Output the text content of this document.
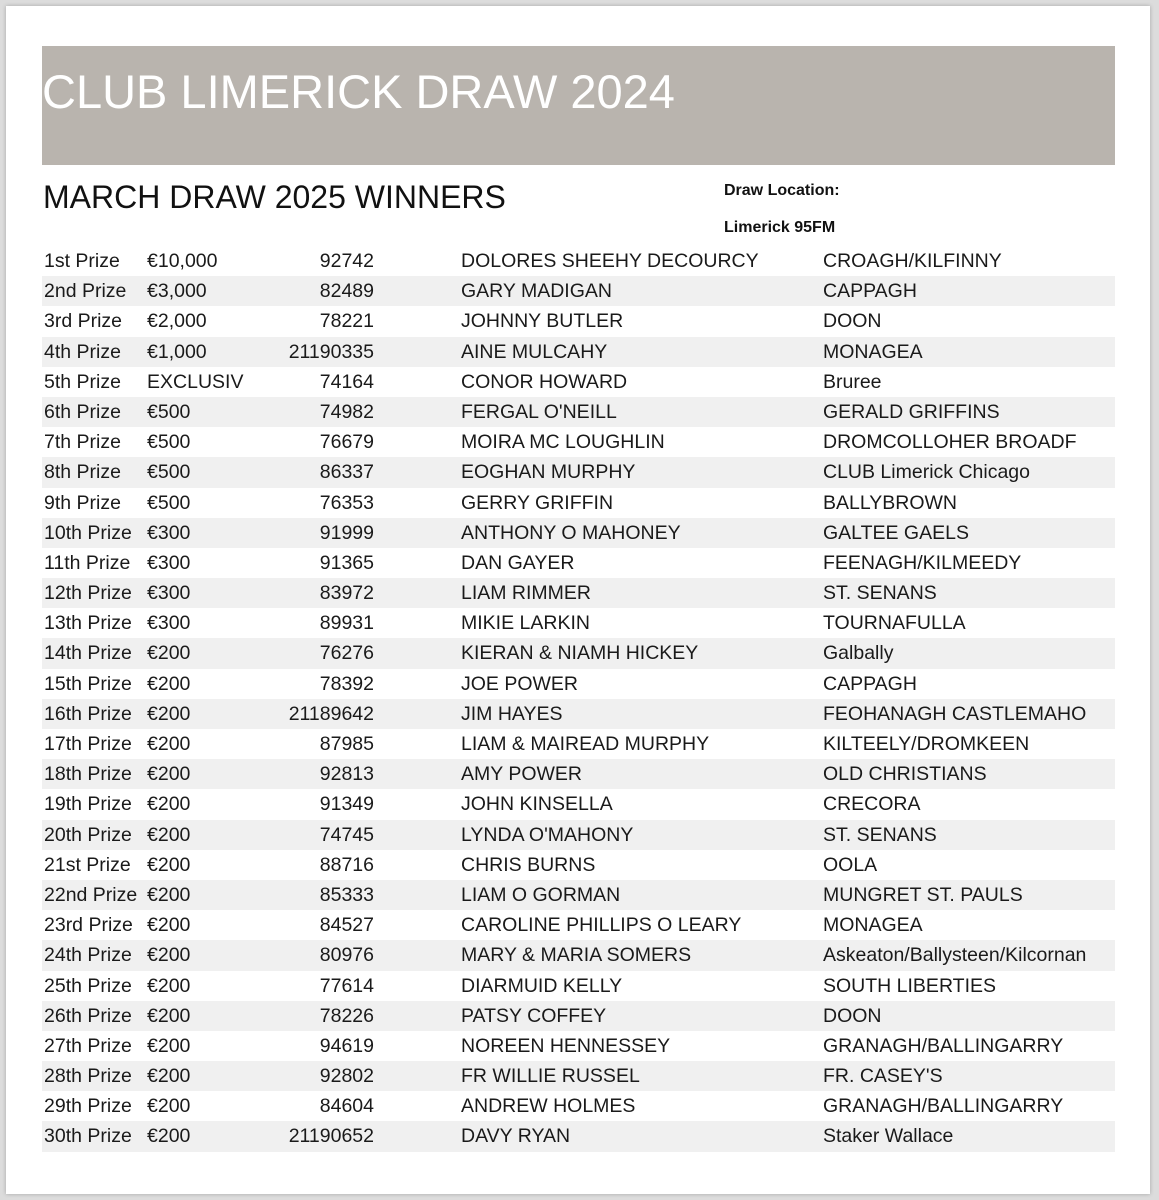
CLUB LIMERICK DRAW 2024
MARCH DRAW 2025 WINNERS	Draw Location:
Limerick 95FM
1st Prize €10,000	92742	DOLORES SHEEHY DECOURCY	CROAGH/KILFINNY
2nd Prize €3,000	82489	GARY MADIGAN	CAPPAGH
3rd Prize €2,000	78221	JOHNNY BUTLER	DOON
4th Prize €1,000	21190335	AINE MULCAHY	MONAGEA
5th Prize EXCLUSIV	74164	CONOR HOWARD	Bruree
6th Prize €500	74982	FERGAL O'NEILL	GERALD GRIFFINS
7th Prize €500	76679	MOIRA MC LOUGHLIN	DROMCOLLOHER BROADF
8th Prize €500	86337	EOGHAN MURPHY	CLUB Limerick Chicago
9th Prize €500	76353	GERRY GRIFFIN	BALLYBROWN
10th Prize €300	91999	ANTHONY O MAHONEY	GALTEE GAELS
11th Prize €300	91365	DAN GAYER	FEENAGH/KILMEEDY
12th Prize €300	83972	LIAM RIMMER	ST. SENANS
13th Prize €300	89931	MIKIE LARKIN	TOURNAFULLA
14th Prize €200	76276	KIERAN & NIAMH HICKEY	Galbally
15th Prize €200	78392	JOE POWER	CAPPAGH
16th Prize €200	21189642	JIM HAYES	FEOHANAGH CASTLEMAHO
17th Prize €200	87985	LIAM & MAIREAD MURPHY	KILTEELY/DROMKEEN
18th Prize €200	92813	AMY POWER	OLD CHRISTIANS
19th Prize €200	91349	JOHN KINSELLA	CRECORA
20th Prize €200	74745	LYNDA O'MAHONY	ST. SENANS
21st Prize €200	88716	CHRIS BURNS	OOLA
22nd Prize €200	85333	LIAM O GORMAN	MUNGRET ST. PAULS
23rd Prize €200	84527	CAROLINE PHILLIPS O LEARY	MONAGEA
24th Prize €200	80976	MARY & MARIA SOMERS	Askeaton/Ballysteen/Kilcornan
25th Prize €200	77614	DIARMUID KELLY	SOUTH LIBERTIES
26th Prize €200	78226	PATSY COFFEY	DOON
27th Prize €200	94619	NOREEN HENNESSEY	GRANAGH/BALLINGARRY
28th Prize €200	92802	FR WILLIE RUSSEL	FR. CASEY'S
29th Prize €200	84604	ANDREW HOLMES	GRANAGH/BALLINGARRY
30th Prize €200	21190652	DAVY RYAN	Staker Wallace
